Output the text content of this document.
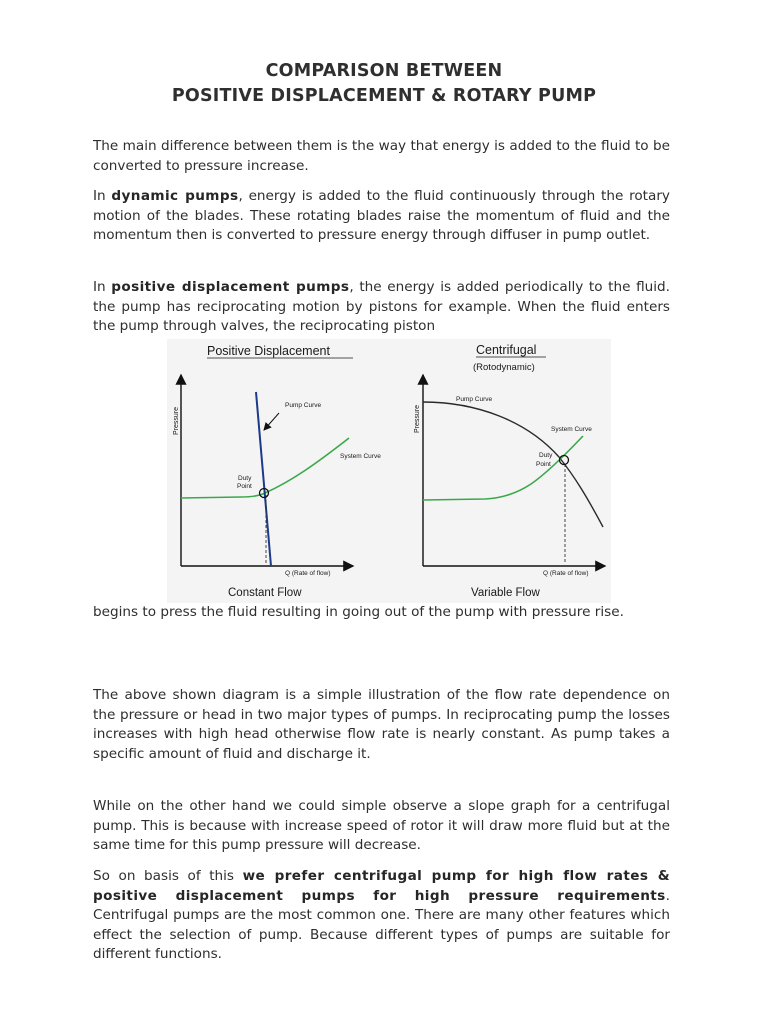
COMPARISON BETWEEN
POSITIVE DISPLACEMENT & ROTARY PUMP

The main difference between them is the way that energy is added to the fluid to be converted to pressure increase.

In dynamic pumps, energy is added to the fluid continuously through the rotary motion of the blades. These rotating blades raise the momentum of fluid and the momentum then is converted to pressure energy through diffuser in pump outlet.

In positive displacement pumps, the energy is added periodically to the fluid. the pump has reciprocating motion by pistons for example. When the fluid enters the pump through valves, the reciprocating piston

Positive Displacement
Pressure
Q (Rate of flow)
Pump Curve
System Curve
Duty
Point
Constant Flow
Centrifugal
(Rotodynamic)
Pressure
Q (Rate of flow)
Pump Curve
System Curve
Duty
Point
Variable Flow

begins to press the fluid resulting in going out of the pump with pressure rise.

The above shown diagram is a simple illustration of the flow rate dependence on the pressure or head in two major types of pumps. In reciprocating pump the losses increases with high head otherwise flow rate is nearly constant. As pump takes a specific amount of fluid and discharge it.

While on the other hand we could simple observe a slope graph for a centrifugal pump. This is because with increase speed of rotor it will draw more fluid but at the same time for this pump pressure will decrease.

So on basis of this we prefer centrifugal pump for high flow rates & positive displacement pumps for high pressure requirements. Centrifugal pumps are the most common one. There are many other features which effect the selection of pump. Because different types of pumps are suitable for different functions.
